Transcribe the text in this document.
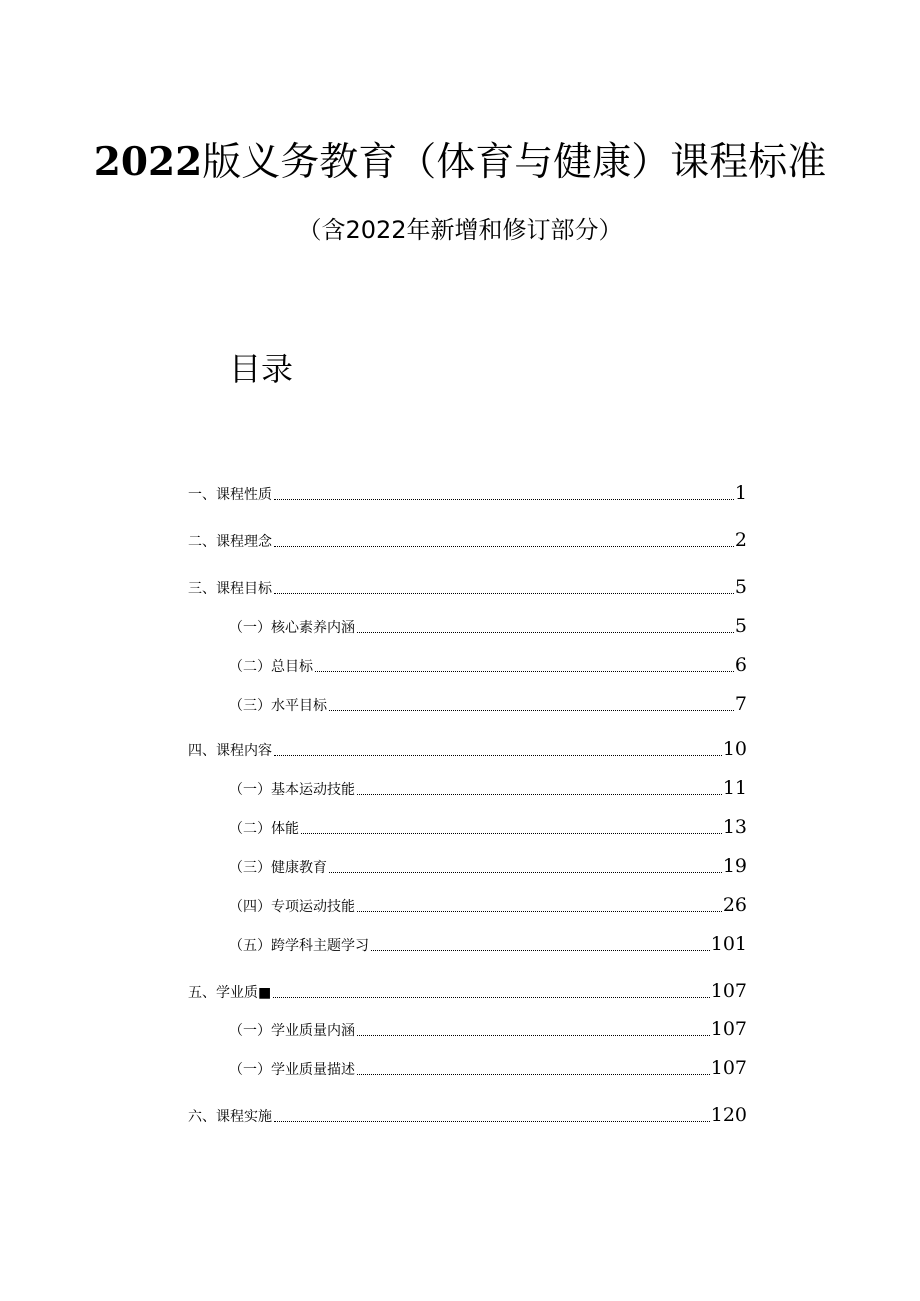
2022版义务教育（体育与健康）课程标准
（含2022年新增和修订部分）
目录
一、课程性质	1
二、课程理念	2
三、课程目标	5
（一）核心素养内涵	5
（二）总目标	6
（三）水平目标	7
四、课程内容	10
（一）基本运动技能	11
（二）体能	13
（三）健康教育	19
（四）专项运动技能	26
（五）跨学科主题学习	101
五、学业质■	107
（一）学业质量内涵	107
（一）学业质量描述	107
六、课程实施	120
